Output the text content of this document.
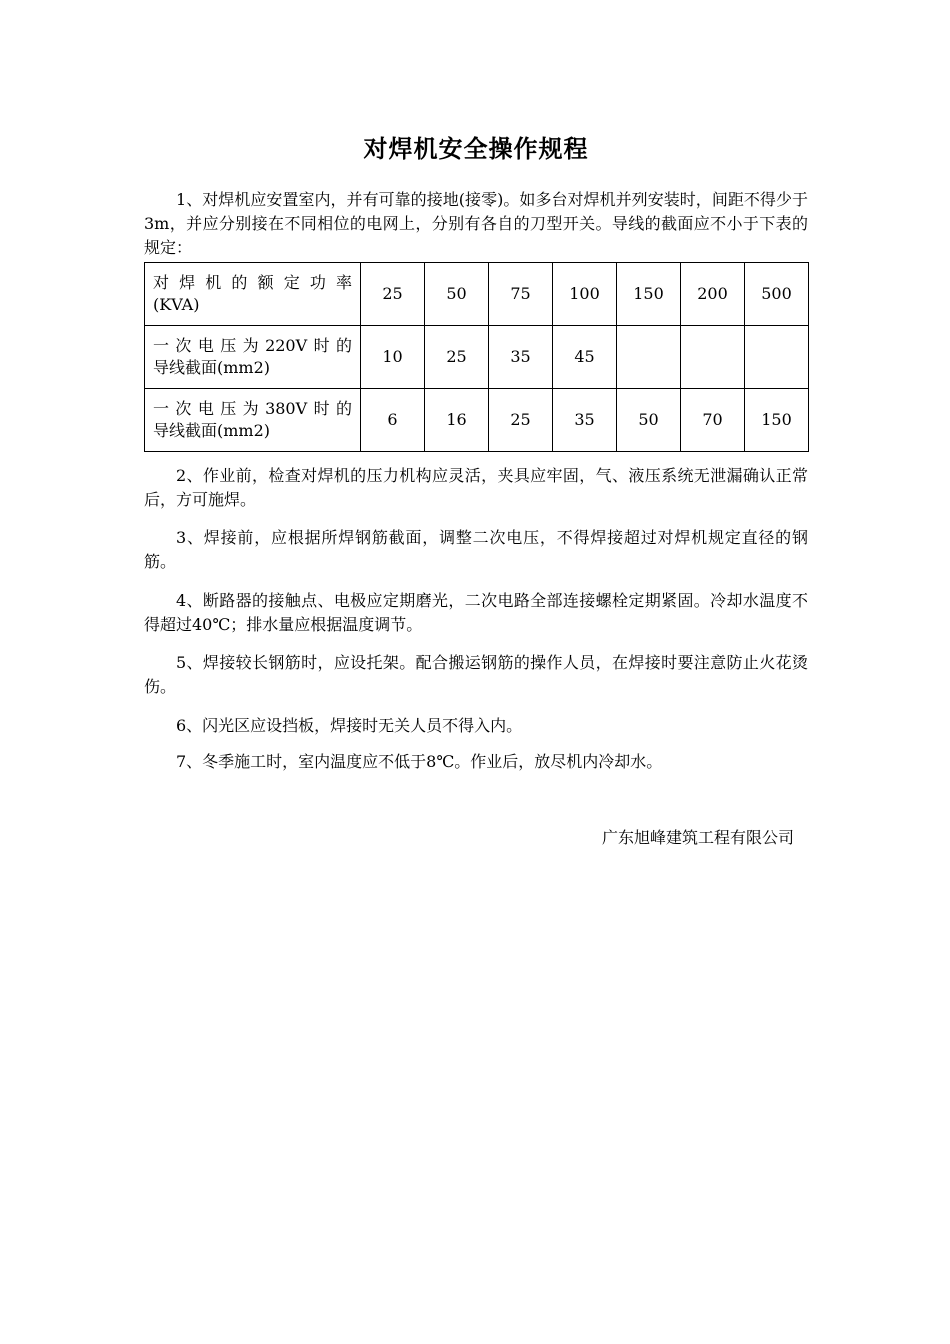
对焊机安全操作规程

1、对焊机应安置室内，并有可靠的接地(接零)。如多台对焊机并列安装时，间距不得少于3m，并应分别接在不同相位的电网上，分别有各自的刀型开关。导线的截面应不小于下表的规定：

对焊机的额定功率
(KVA)	25	50	75	100	150	200	500
一次电压为220V时的
导线截面(mm2)	10	25	35	45			
一次电压为380V时的
导线截面(mm2)	6	16	25	35	50	70	150

2、作业前，检查对焊机的压力机构应灵活，夹具应牢固，气、液压系统无泄漏确认正常后，方可施焊。

3、焊接前，应根据所焊钢筋截面，调整二次电压，不得焊接超过对焊机规定直径的钢筋。

4、断路器的接触点、电极应定期磨光，二次电路全部连接螺栓定期紧固。冷却水温度不得超过40℃；排水量应根据温度调节。

5、焊接较长钢筋时，应设托架。配合搬运钢筋的操作人员，在焊接时要注意防止火花烫伤。

6、闪光区应设挡板，焊接时无关人员不得入内。

7、冬季施工时，室内温度应不低于8℃。作业后，放尽机内冷却水。

广东旭峰建筑工程有限公司
